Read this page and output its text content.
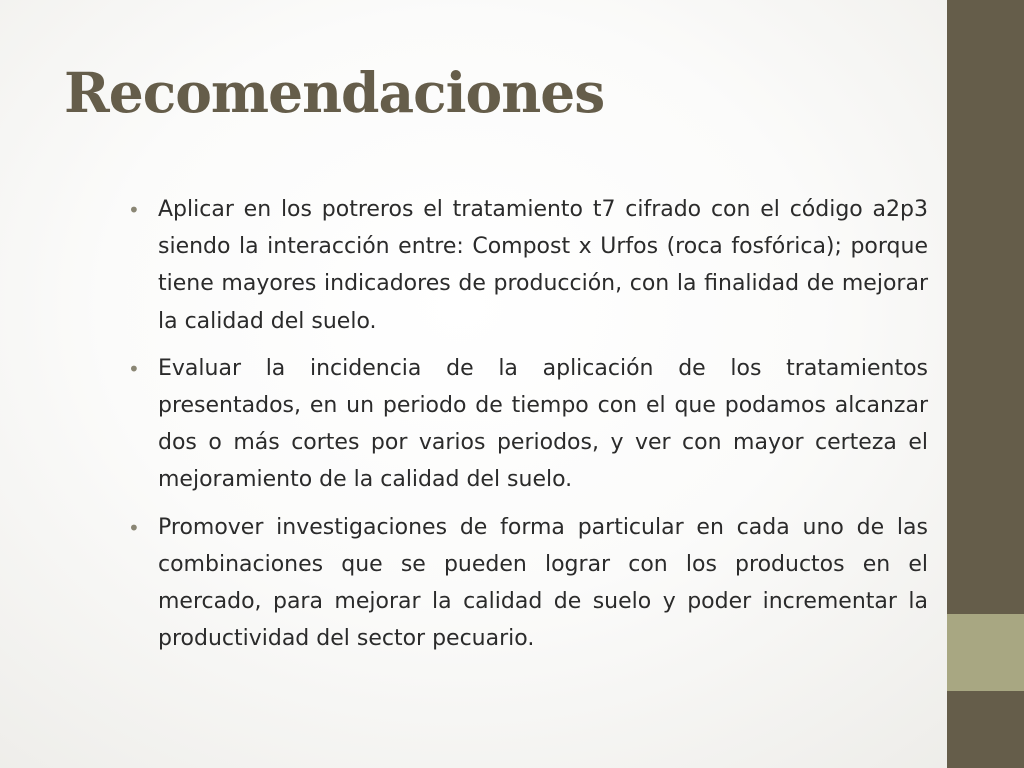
Recomendaciones
• Aplicar en los potreros el tratamiento t7 cifrado con el código a2p3 siendo la interacción entre: Compost x Urfos (roca fosfórica); porque tiene mayores indicadores de producción, con la finalidad de mejorar la calidad del suelo.
• Evaluar la incidencia de la aplicación de los tratamientos presentados, en un periodo de tiempo con el que podamos alcanzar dos o más cortes por varios periodos, y ver con mayor certeza el mejoramiento de la calidad del suelo.
• Promover investigaciones de forma particular en cada uno de las combinaciones que se pueden lograr con los productos en el mercado, para mejorar la calidad de suelo y poder incrementar la productividad del sector pecuario.
